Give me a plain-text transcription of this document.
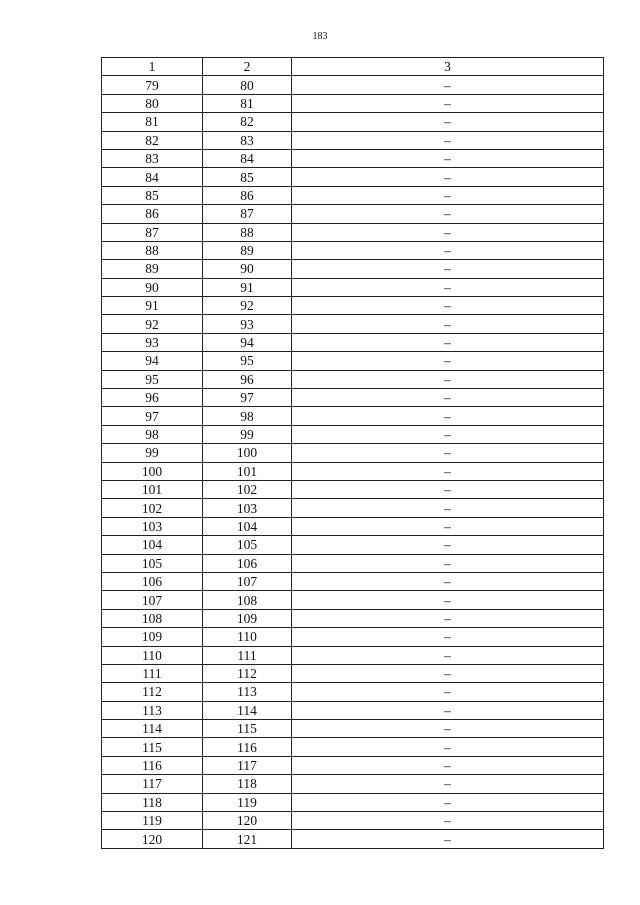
183
1	2	3
79	80	–
80	81	–
81	82	–
82	83	–
83	84	–
84	85	–
85	86	–
86	87	–
87	88	–
88	89	–
89	90	–
90	91	–
91	92	–
92	93	–
93	94	–
94	95	–
95	96	–
96	97	–
97	98	–
98	99	–
99	100	–
100	101	–
101	102	–
102	103	–
103	104	–
104	105	–
105	106	–
106	107	–
107	108	–
108	109	–
109	110	–
110	111	–
111	112	–
112	113	–
113	114	–
114	115	–
115	116	–
116	117	–
117	118	–
118	119	–
119	120	–
120	121	–
